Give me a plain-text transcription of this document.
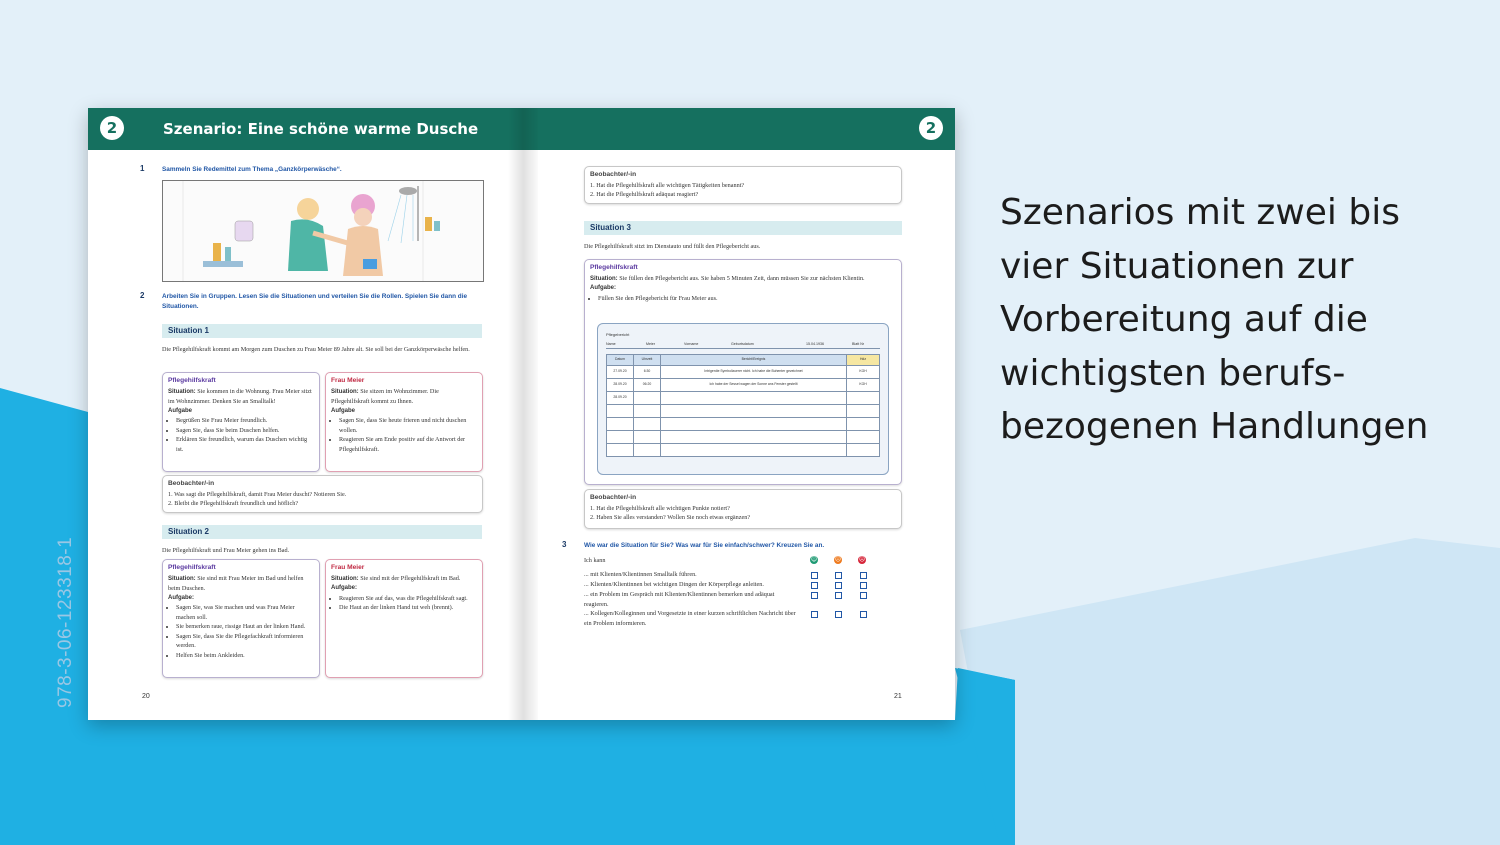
978-3-06-123318-1
Szenarios mit zwei bis
vier Situationen zur
Vorbereitung auf die
wichtigsten berufs-
bezogenen Handlungen
2	Szenario: Eine schöne warme Dusche	2
1	Sammeln Sie Redemittel zum Thema „Ganzkörperwäsche“.
2	Arbeiten Sie in Gruppen. Lesen Sie die Situationen und verteilen Sie die Rollen. Spielen Sie dann die Situationen.
Situation 1
Die Pflegehilfskraft kommt am Morgen zum Duschen zu Frau Meier 89 Jahre alt. Sie soll bei der Ganzkörperwäsche helfen.
Pflegehilfskraft
Situation: Sie kommen in die Wohnung. Frau Meier sitzt im Wohnzimmer. Denken Sie an Smalltalk!
Aufgabe
• Begrüßen Sie Frau Meier freundlich.
• Sagen Sie, dass Sie beim Duschen helfen.
• Erklären Sie freundlich, warum das Duschen wichtig ist.
Frau Meier
Situation: Sie sitzen im Wohnzimmer. Die Pflegehilfskraft kommt zu Ihnen.
Aufgabe
• Sagen Sie, dass Sie heute frieren und nicht duschen wollen.
• Reagieren Sie am Ende positiv auf die Antwort der Pflegehilfskraft.
Beobachter/-in
1. Was sagt die Pflegehilfskraft, damit Frau Meier duscht? Notieren Sie.
2. Bleibt die Pflegehilfskraft freundlich und höflich?
Situation 2
Die Pflegehilfskraft und Frau Meier gehen ins Bad.
Pflegehilfskraft
Situation: Sie sind mit Frau Meier im Bad und helfen beim Duschen.
Aufgabe:
• Sagen Sie, was Sie machen und was Frau Meier machen soll.
• Sie bemerken raue, rissige Haut an der linken Hand.
• Sagen Sie, dass Sie die Pflegefachkraft informieren werden.
• Helfen Sie beim Ankleiden.
Frau Meier
Situation: Sie sind mit der Pflegehilfskraft im Bad.
Aufgabe:
• Reagieren Sie auf das, was die Pflegehilfskraft sagt.
• Die Haut an der linken Hand tut weh (brennt).
20
Beobachter/-in
1. Hat die Pflegehilfskraft alle wichtigen Tätigkeiten benannt?
2. Hat die Pflegehilfskraft adäquat reagiert?
Situation 3
Die Pflegehilfskraft sitzt im Dienstauto und füllt den Pflegebericht aus.
Pflegehilfskraft
Situation: Sie füllen den Pflegebericht aus. Sie haben 5 Minuten Zeit, dann müssen Sie zur nächsten Klientin.
Aufgabe:
• Füllen Sie den Pflegebericht für Frau Meier aus.
Pflegebericht
Name	Meier	Vorname	Geburtsdatum	15.04.1936	Blatt Nr
Datum	Uhrzeit	Bericht/Ereignis	Hdz
27.09.20	6:30	Intrigerdie Symbolizuerer nicht. Ich habe die Buhenter gezeichnet	KGH
28.09.20	06:20	Ich habe der Sessel wagen der Sonne ans Fenster gestellt	KGH
28.09.20			

Beobachter/-in
1. Hat die Pflegehilfskraft alle wichtigen Punkte notiert?
2. Haben Sie alles verstanden? Wollen Sie noch etwas ergänzen?
3	Wie war die Situation für Sie? Was war für Sie einfach/schwer? Kreuzen Sie an.
Ich kann	☺	😐	☹
... mit Klienten/Klientinnen Smalltalk führen.
... Klienten/Klientinnen bei wichtigen Dingen der Körperpflege anleiten.
... ein Problem im Gespräch mit Klienten/Klientinnen bemerken und adäquat reagieren.
... Kollegen/Kolleginnen und Vorgesetzte in einer kurzen schriftlichen Nachricht über ein Problem informieren.
21
